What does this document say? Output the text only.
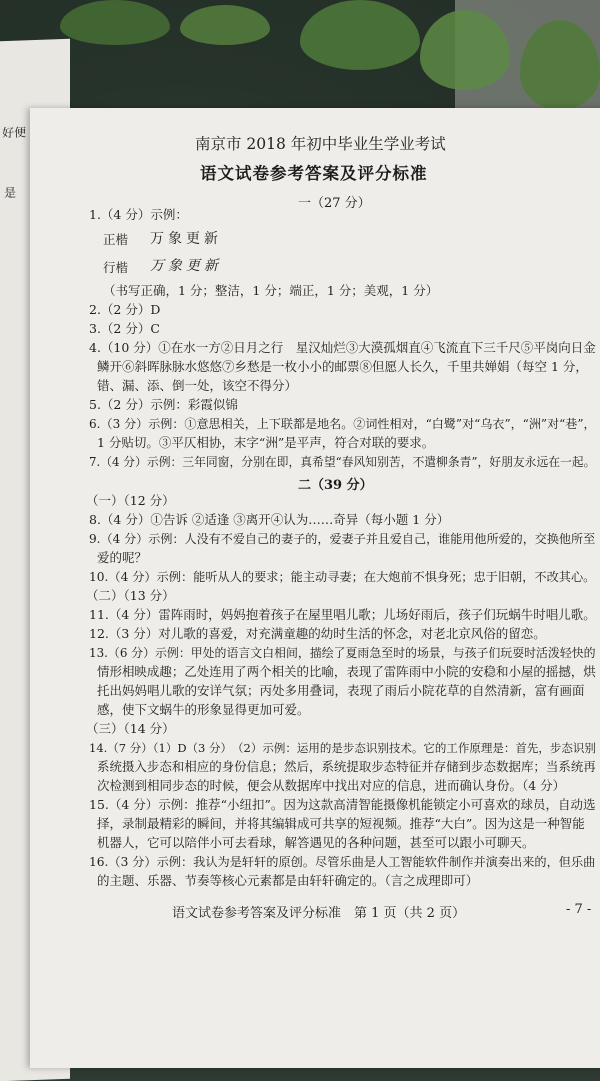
好便
是
南京市 2018 年初中毕业生学业考试
语文试卷参考答案及评分标准
一（27 分）
1.（4 分）示例：
正楷 万象更新
行楷 万象更新
（书写正确，1 分；整洁，1 分；端正，1 分；美观，1 分）
2.（2 分）D
3.（2 分）C
4.（10 分）①在水一方②日月之行　星汉灿烂③大漠孤烟直④飞流直下三千尺⑤平岗向日金
鳞开⑥斜晖脉脉水悠悠⑦乡愁是一枚小小的邮票⑧但愿人长久，千里共婵娟（每空 1 分，
错、漏、添、倒一处，该空不得分）
5.（2 分）示例：彩霞似锦
6.（3 分）示例：①意思相关，上下联都是地名。②词性相对，“白鹭”对“乌衣”，“洲”对“巷”，
1 分贴切。③平仄相协，末字“洲”是平声，符合对联的要求。
7.（4 分）示例：三年同窗，分别在即，真希望“春风知别苦，不遣柳条青”，好朋友永远在一起。
二（39 分）
（一）（12 分）
8.（4 分）①告诉 ②适逢 ③离开④认为……奇异（每小题 1 分）
9.（4 分）示例：人没有不爱自己的妻子的，爱妻子并且爱自己，谁能用他所爱的，交换他所至
爱的呢？
10.（4 分）示例：能听从人的要求；能主动寻妻；在大炮前不惧身死；忠于旧朝，不改其心。
（二）（13 分）
11.（4 分）雷阵雨时，妈妈抱着孩子在屋里唱儿歌；儿场好雨后，孩子们玩蜗牛时唱儿歌。
12.（3 分）对儿歌的喜爱，对充满童趣的幼时生活的怀念，对老北京风俗的留恋。
13.（6 分）示例：甲处的语言文白相间，描绘了夏雨急至时的场景，与孩子们玩耍时活泼轻快的
情形相映成趣；乙处连用了两个相关的比喻，表现了雷阵雨中小院的安稳和小屋的摇撼，烘
托出妈妈唱儿歌的安详气氛；丙处多用叠词，表现了雨后小院花草的自然清新，富有画面
感，使下文蜗牛的形象显得更加可爱。
（三）（14 分）
14.（7 分）（1）D（3 分）　（2）示例：运用的是步态识别技术。它的工作原理是：首先，步态识别
系统摄入步态和相应的身份信息；然后，系统提取步态特征并存储到步态数据库；当系统再
次检测到相同步态的时候，便会从数据库中找出对应的信息，进而确认身份。（4 分）
15.（4 分）示例：推荐“小纽扣”。因为这款高清智能摄像机能锁定小可喜欢的球员，自动选
择，录制最精彩的瞬间，并将其编辑成可共享的短视频。推荐“大白”。因为这是一种智能
机器人，它可以陪伴小可去看球，解答遇见的各种问题，甚至可以跟小可聊天。
16.（3 分）示例：我认为是轩轩的原创。尽管乐曲是人工智能软件制作并演奏出来的，但乐曲
的主题、乐器、节奏等核心元素都是由轩轩确定的。（言之成理即可）
语文试卷参考答案及评分标准　第 1 页（共 2 页）	- 7 -
